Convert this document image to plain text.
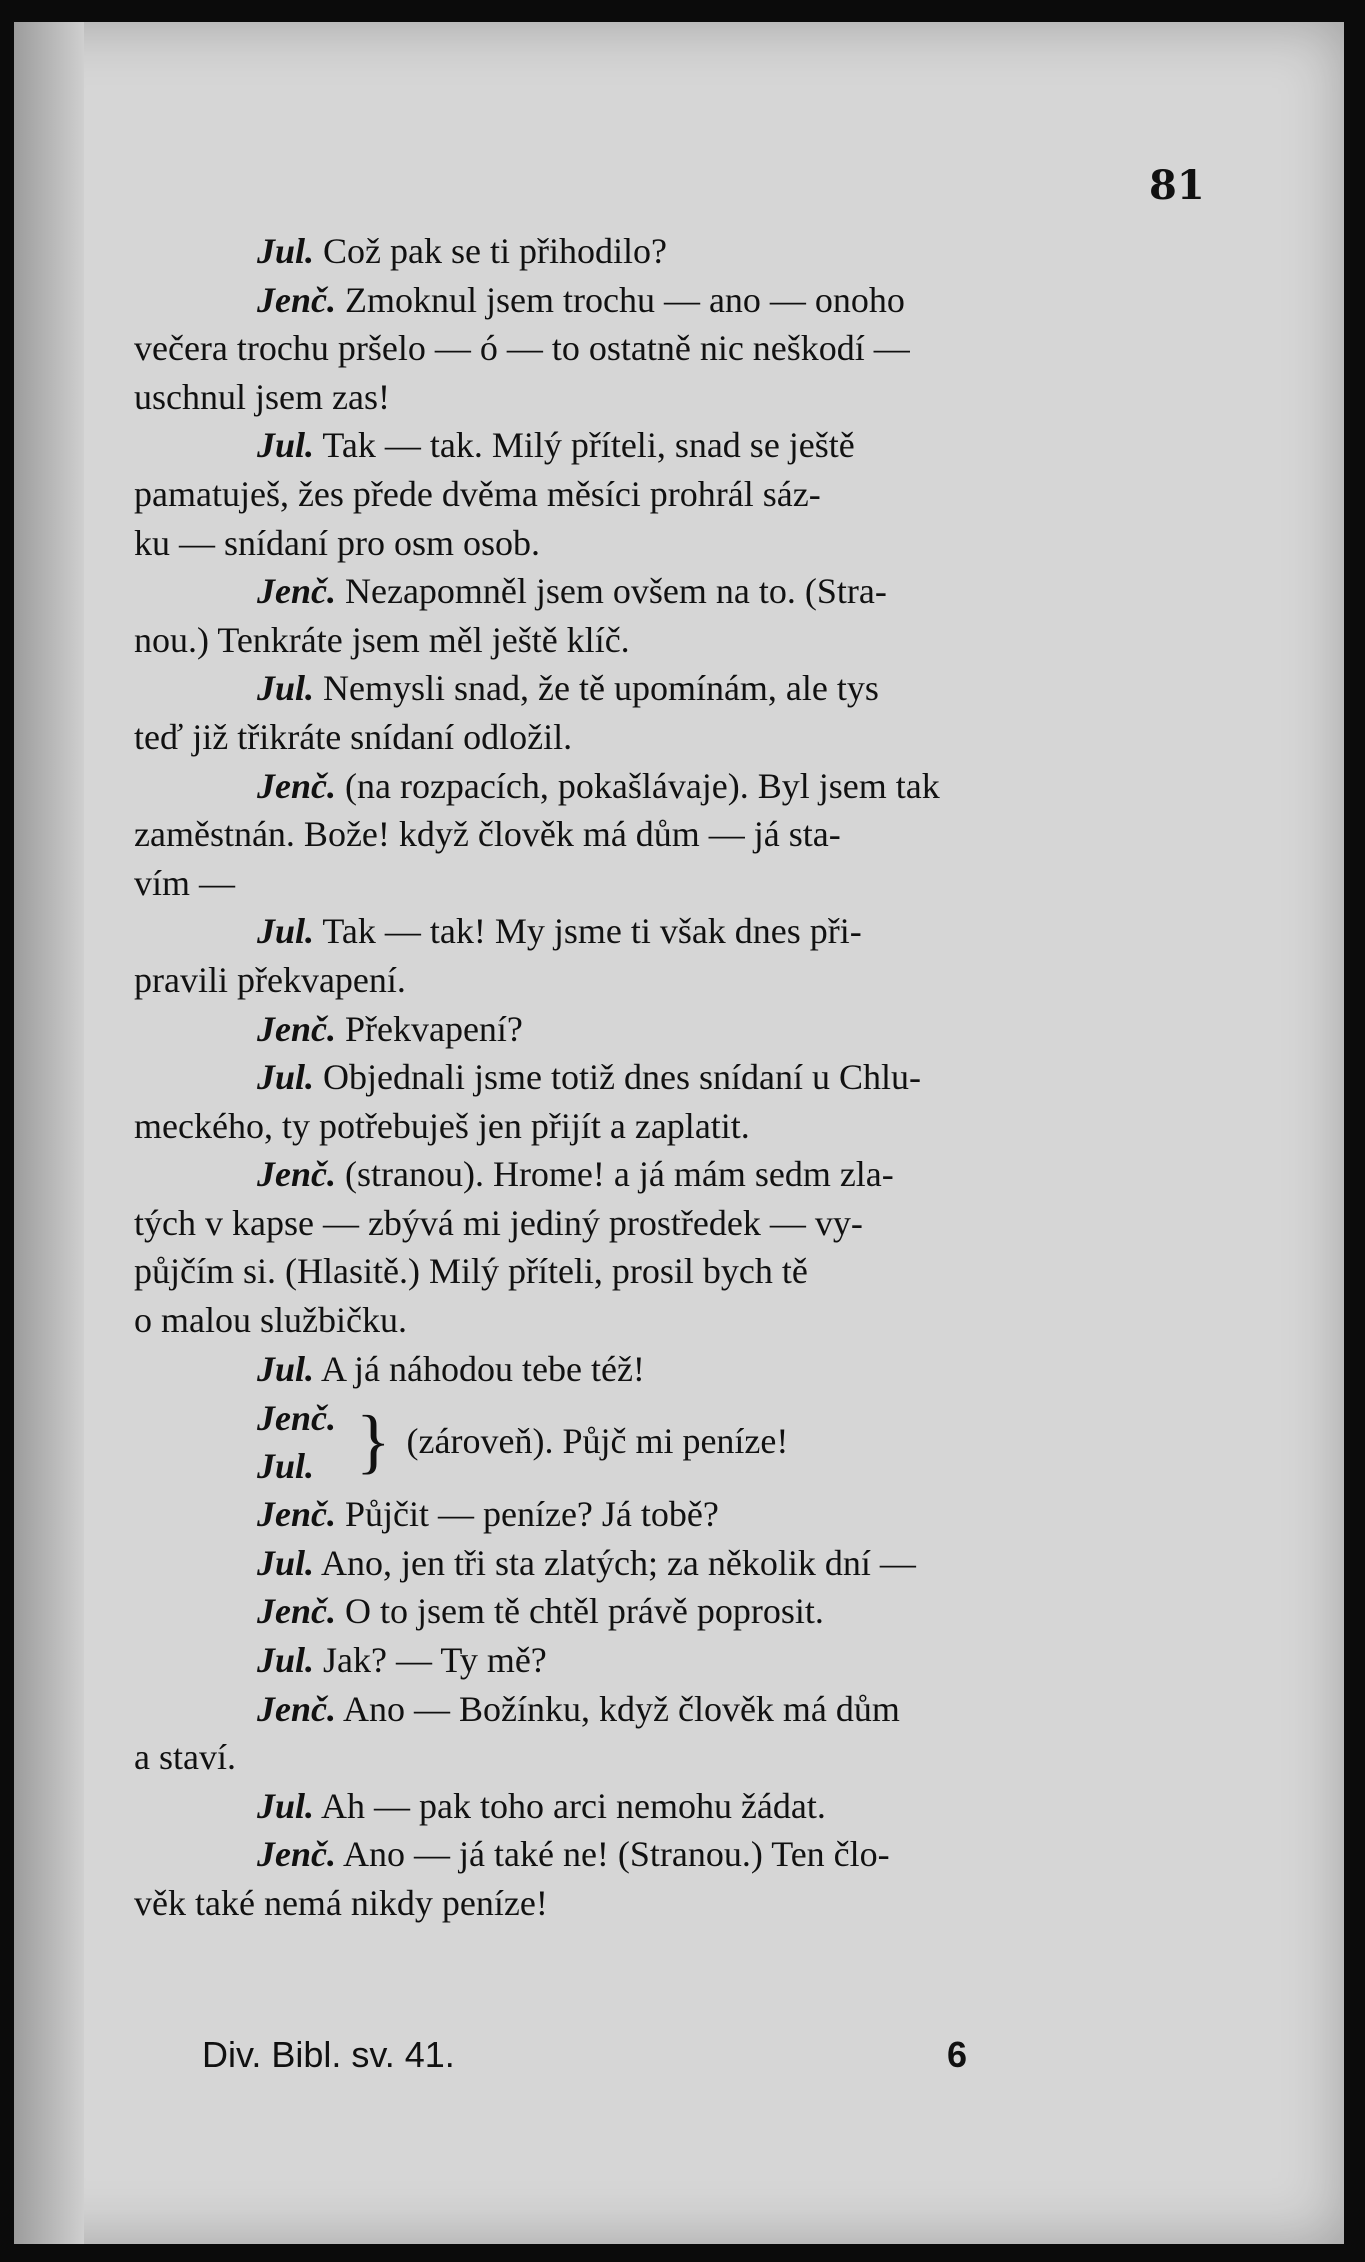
81
Jul. Což pak se ti přihodilo?
Jenč. Zmoknul jsem trochu — ano — onoho
večera trochu pršelo — ó — to ostatně nic neškodí —
uschnul jsem zas!
Jul. Tak — tak. Milý příteli, snad se ještě
pamatuješ, žes přede dvěma měsíci prohrál sáz-
ku — snídaní pro osm osob.
Jenč. Nezapomněl jsem ovšem na to. (Stra-
nou.) Tenkráte jsem měl ještě klíč.
Jul. Nemysli snad, že tě upomínám, ale tys
teď již třikráte snídaní odložil.
Jenč. (na rozpacích, pokašlávaje). Byl jsem tak
zaměstnán. Bože! když člověk má dům — já sta-
vím —
Jul. Tak — tak! My jsme ti však dnes při-
pravili překvapení.
Jenč. Překvapení?
Jul. Objednali jsme totiž dnes snídaní u Chlu-
meckého, ty potřebuješ jen přijít a zaplatit.
Jenč. (stranou). Hrome! a já mám sedm zla-
tých v kapse — zbývá mi jediný prostředek — vy-
půjčím si. (Hlasitě.) Milý příteli, prosil bych tě
o malou službičku.
Jul. A já náhodou tebe též!
Jenč.
Jul. } (zároveň). Půjč mi peníze!
Jenč. Půjčit — peníze? Já tobě?
Jul. Ano, jen tři sta zlatých; za několik dní —
Jenč. O to jsem tě chtěl právě poprosit.
Jul. Jak? — Ty mě?
Jenč. Ano — Božínku, když člověk má dům
a staví.
Jul. Ah — pak toho arci nemohu žádat.
Jenč. Ano — já také ne! (Stranou.) Ten člo-
věk také nemá nikdy peníze!
Div. Bibl. sv. 41.	6
